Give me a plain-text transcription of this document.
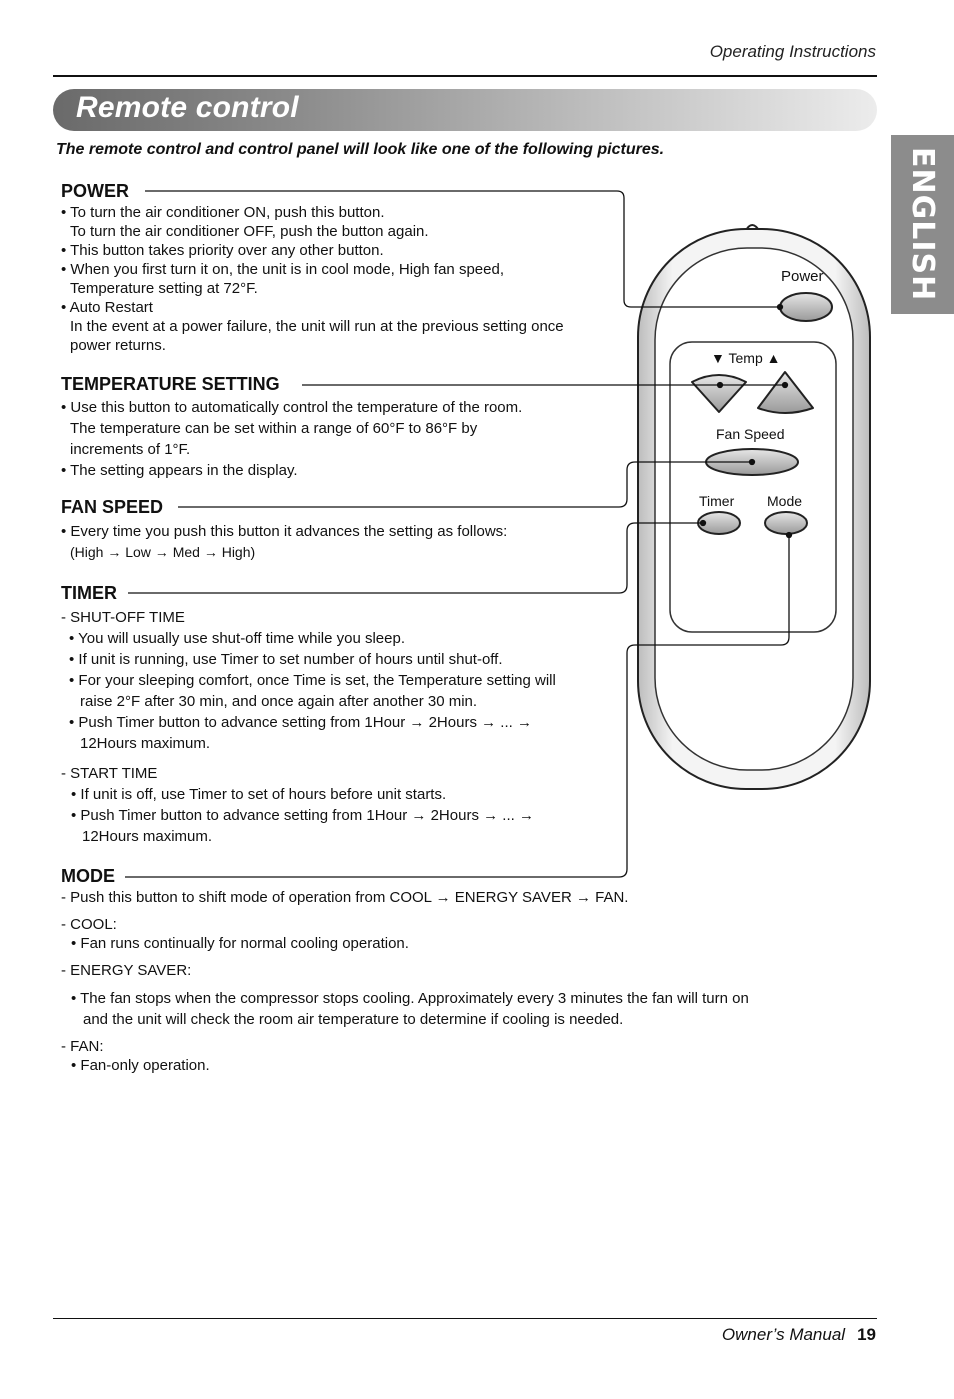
Operating Instructions
Remote control
The remote control and control panel will look like one of the following pictures.	ENGLISH
Power
▼ Temp ▲
Fan Speed
Timer Mode
POWER
• To turn the air conditioner ON, push this button.
To turn the air conditioner OFF, push the button again.
• This button takes priority over any other button.
• When you first turn it on, the unit is in cool mode, High fan speed,
Temperature setting at 72°F.
• Auto Restart
In the event at a power failure, the unit will run at the previous setting once
power returns.
TEMPERATURE SETTING
• Use this button to automatically control the temperature of the room.
The temperature can be set within a range of 60°F to 86°F by
increments of 1°F.
• The setting appears in the display.
FAN SPEED
• Every time you push this button it advances the setting as follows:
(High → Low → Med → High)
TIMER
- SHUT-OFF TIME
• You will usually use shut-off time while you sleep.
• If unit is running, use Timer to set number of hours until shut-off.
• For your sleeping comfort, once Time is set, the Temperature setting will
raise 2°F after 30 min, and once again after another 30 min.
• Push Timer button to advance setting from 1Hour → 2Hours → ... →
12Hours maximum.
- START TIME
• If unit is off, use Timer to set of hours before unit starts.
• Push Timer button to advance setting from 1Hour → 2Hours → ... →
12Hours maximum.
MODE
- Push this button to shift mode of operation from COOL → ENERGY SAVER → FAN.
- COOL:
• Fan runs continually for normal cooling operation.
- ENERGY SAVER:
• The fan stops when the compressor stops cooling. Approximately every 3 minutes the fan will turn on
and the unit will check the room air temperature to determine if cooling is needed.
- FAN:
• Fan-only operation.
Owner’s Manual 19
